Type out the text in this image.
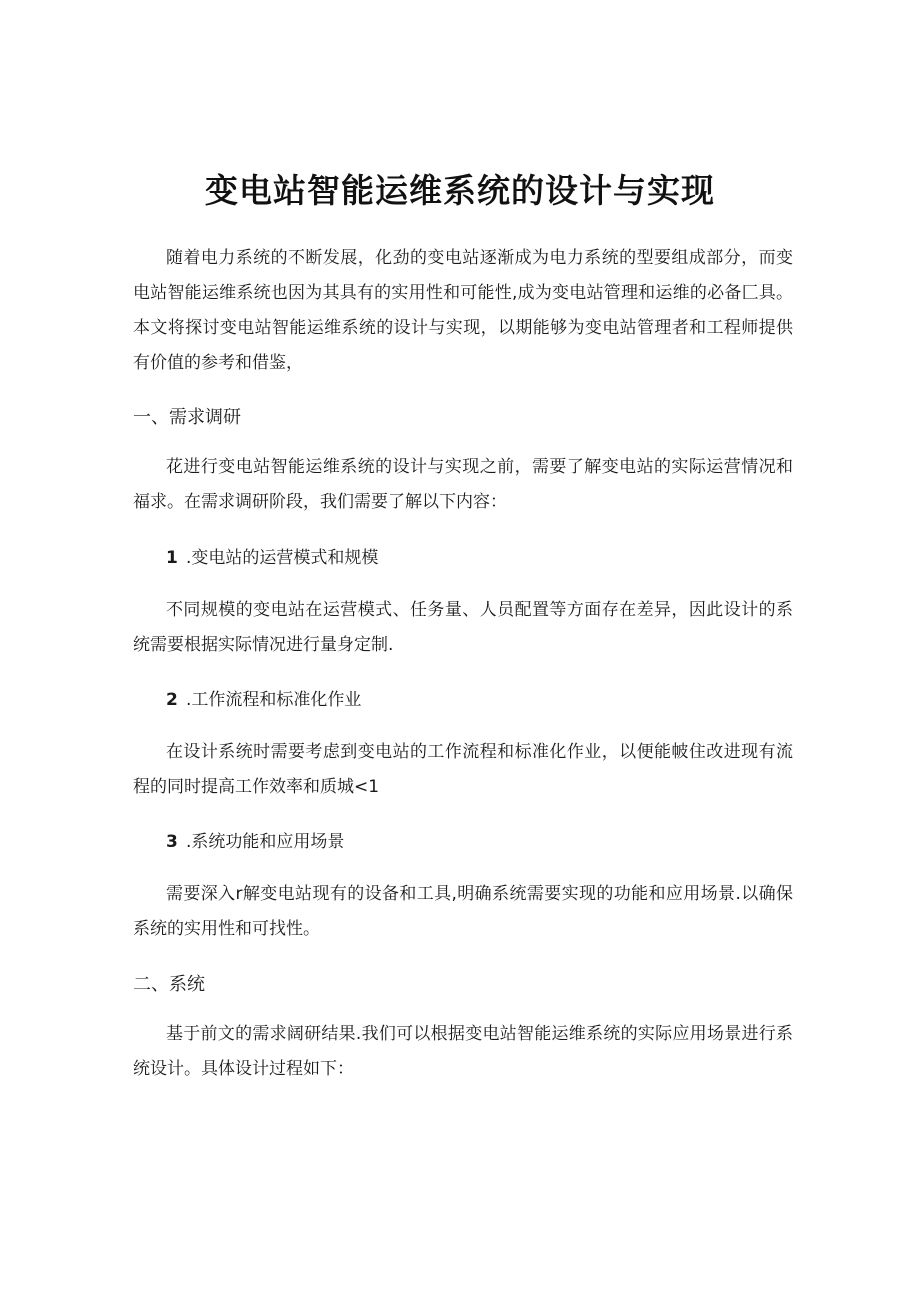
变电站智能运维系统的设计与实现

随着电力系统的不断发展，化劲的变电站逐渐成为电力系统的型要组成部分，而变电站智能运维系统也因为其具有的实用性和可能性,成为变电站管理和运维的必备匚具。本文将探讨变电站智能运维系统的设计与实现，以期能够为变电站管理者和工程师提供有价值的参考和借鉴，

一、需求调研

花进行变电站智能运维系统的设计与实现之前，需要了解变电站的实际运营情况和福求。在需求调研阶段，我们需要了解以下内容：

1 .变电站的运营模式和规模

不同规模的变电站在运营模式、任务量、人员配置等方面存在差异，因此设计的系统需要根据实际情况进行量身定制.

2 .工作流程和标准化作业

在设计系统时需要考虑到变电站的工作流程和标准化作业，以便能帔住改进现有流程的同时提高工作效率和质城<1

3 .系统功能和应用场景

需要深入r解变电站现有的设备和工具,明确系统需要实现的功能和应用场景.以确保系统的实用性和可找性。

二、系统

基于前文的需求阔研结果.我们可以根据变电站智能运维系统的实际应用场景进行系统设计。具体设计过程如下：
